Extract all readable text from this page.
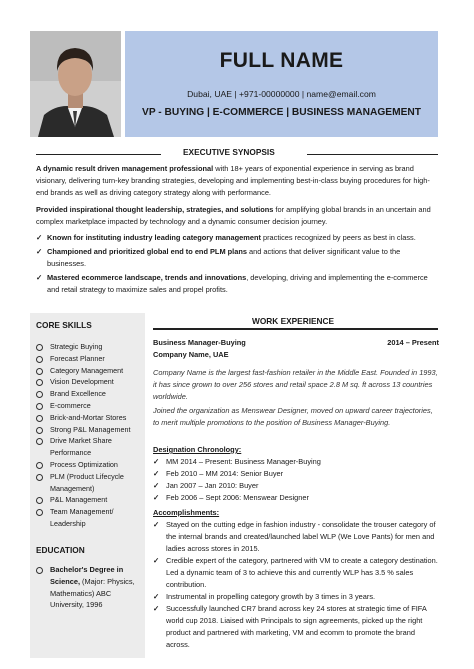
FULL NAME
Dubai, UAE | +971-00000000 | name@email.com
VP - BUYING | E-COMMERCE | BUSINESS MANAGEMENT
EXECUTIVE SYNOPSIS
A dynamic result driven management professional with 18+ years of exponential experience in serving as brand visionary, delivering turn-key branding strategies, developing and implementing best-in-class buying procedures for high-end brands as well as driving category strategy along with performance.
Provided inspirational thought leadership, strategies, and solutions for amplifying global brands in an uncertain and complex marketplace impacted by technology and a dynamic consumer decision journey.
✓ Known for instituting industry leading category management practices recognized by peers as best in class.
✓ Championed and prioritized global end to end PLM plans and actions that deliver significant value to the businesses.
✓ Mastered ecommerce landscape, trends and innovations, developing, driving and implementing the e-commerce and retail strategy to maximize sales and propel profits.
CORE SKILLS
EDUCATION
Strategic Buying
Forecast Planner
Category Management
Vision Development
Brand Excellence
E-commerce
Brick-and-Mortar Stores
Strong P&L Management
Drive Market Share Performance
Process Optimization
PLM (Product Lifecycle Management)
P&L Management
Team Management/ Leadership
Bachelor's Degree in Science, (Major: Physics, Mathematics) ABC University, 1996
WORK EXPERIENCE
Business Manager-Buying	2014 – Present
Company Name, UAE
Company Name is the largest fast-fashion retailer in the Middle East. Founded in 1993, it has since grown to over 256 stores and retail space 2.8 M sq. ft across 13 countries worldwide.
Joined the organization as Menswear Designer, moved on upward career trajectories, to merit multiple promotions to the position of Business Manager-Buying.
Designation Chronology:
✓ MM 2014 – Present: Business Manager-Buying
✓ Feb 2010 – MM 2014: Senior Buyer
✓ Jan 2007 – Jan 2010: Buyer
✓ Feb 2006 – Sept 2006: Menswear Designer
Accomplishments:
✓ Stayed on the cutting edge in fashion industry - consolidate the trouser category of the internal brands and created/launched label WLP (We Love Pants) for men and ladies across stores in 2015.
✓ Credible expert of the category, partnered with VM to create a category destination. Led a dynamic team of 3 to achieve this and currently WLP has 3.5 % sales contribution.
✓ Instrumental in propelling category growth by 3 times in 3 years.
✓ Successfully launched CR7 brand across key 24 stores at strategic time of FIFA world cup 2018. Liaised with Principals to sign agreements, picked up the right product and partnered with marketing, VM and ecomm to promote the brand across.
